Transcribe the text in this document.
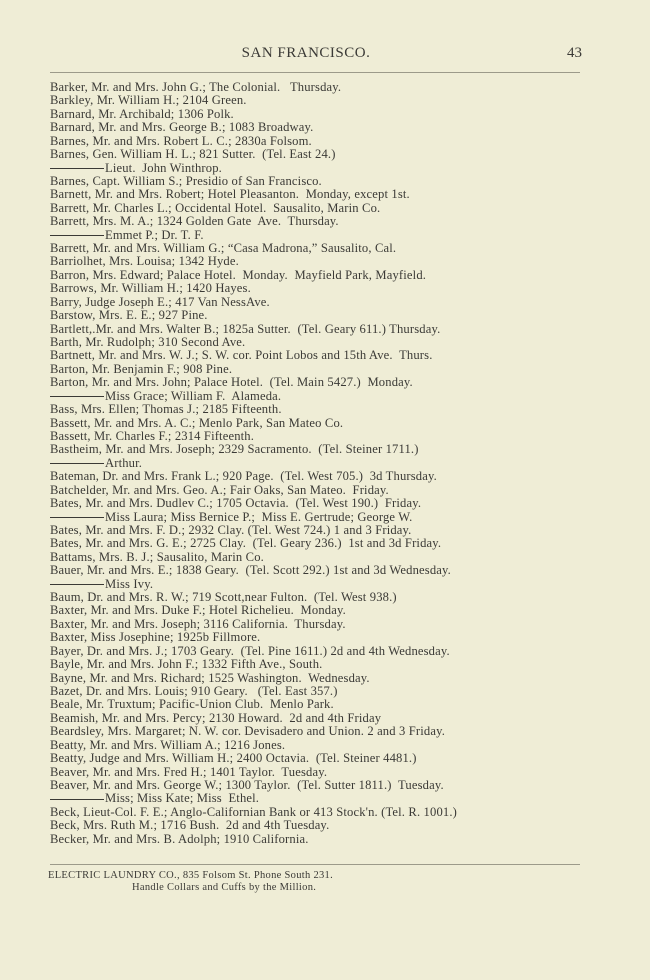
SAN FRANCISCO.	43
Barker, Mr. and Mrs. John G.; The Colonial.   Thursday.
Barkley, Mr. William H.; 2104 Green.
Barnard, Mr. Archibald; 1306 Polk.
Barnard, Mr. and Mrs. George B.; 1083 Broadway.
Barnes, Mr. and Mrs. Robert L. C.; 2830a Folsom.
Barnes, Gen. William H. L.; 821 Sutter.  (Tel. East 24.)
Lieut.  John Winthrop.
Barnes, Capt. William S.; Presidio of San Francisco.
Barnett, Mr. and Mrs. Robert; Hotel Pleasanton.  Monday, except 1st.
Barrett, Mr. Charles L.; Occidental Hotel.  Sausalito, Marin Co.
Barrett, Mrs. M. A.; 1324 Golden Gate  Ave.  Thursday.
Emmet P.; Dr. T. F.
Barrett, Mr. and Mrs. William G.; “Casa Madrona,” Sausalito, Cal.
Barriolhet, Mrs. Louisa; 1342 Hyde.
Barron, Mrs. Edward; Palace Hotel.  Monday.  Mayfield Park, Mayfield.
Barrows, Mr. William H.; 1420 Hayes.
Barry, Judge Joseph E.; 417 Van NessAve.
Barstow, Mrs. E. E.; 927 Pine.
Bartlett,.Mr. and Mrs. Walter B.; 1825a Sutter.  (Tel. Geary 611.) Thursday.
Barth, Mr. Rudolph; 310 Second Ave.
Bartnett, Mr. and Mrs. W. J.; S. W. cor. Point Lobos and 15th Ave.  Thurs.
Barton, Mr. Benjamin F.; 908 Pine.
Barton, Mr. and Mrs. John; Palace Hotel.  (Tel. Main 5427.)  Monday.
Miss Grace; William F.  Alameda.
Bass, Mrs. Ellen; Thomas J.; 2185 Fifteenth.
Bassett, Mr. and Mrs. A. C.; Menlo Park, San Mateo Co.
Bassett, Mr. Charles F.; 2314 Fifteenth.
Bastheim, Mr. and Mrs. Joseph; 2329 Sacramento.  (Tel. Steiner 1711.)
Arthur.
Bateman, Dr. and Mrs. Frank L.; 920 Page.  (Tel. West 705.)  3d Thursday.
Batchelder, Mr. and Mrs. Geo. A.; Fair Oaks, San Mateo.  Friday.
Bates, Mr. and Mrs. Dudlev C.; 1705 Octavia.  (Tel. West 190.)  Friday.
Miss Laura; Miss Bernice P.;  Miss E. Gertrude; George W.
Bates, Mr. and Mrs. F. D.; 2932 Clay. (Tel. West 724.) 1 and 3 Friday.
Bates, Mr. and Mrs. G. E.; 2725 Clay.  (Tel. Geary 236.)  1st and 3d Friday.
Battams, Mrs. B. J.; Sausalito, Marin Co.
Bauer, Mr. and Mrs. E.; 1838 Geary.  (Tel. Scott 292.) 1st and 3d Wednesday.
Miss Ivy.
Baum, Dr. and Mrs. R. W.; 719 Scott,near Fulton.  (Tel. West 938.)
Baxter, Mr. and Mrs. Duke F.; Hotel Richelieu.  Monday.
Baxter, Mr. and Mrs. Joseph; 3116 California.  Thursday.
Baxter, Miss Josephine; 1925b Fillmore.
Bayer, Dr. and Mrs. J.; 1703 Geary.  (Tel. Pine 1611.) 2d and 4th Wednesday.
Bayle, Mr. and Mrs. John F.; 1332 Fifth Ave., South.
Bayne, Mr. and Mrs. Richard; 1525 Washington.  Wednesday.
Bazet, Dr. and Mrs. Louis; 910 Geary.   (Tel. East 357.)
Beale, Mr. Truxtum; Pacific-Union Club.  Menlo Park.
Beamish, Mr. and Mrs. Percy; 2130 Howard.  2d and 4th Friday
Beardsley, Mrs. Margaret; N. W. cor. Devisadero and Union. 2 and 3 Friday.
Beatty, Mr. and Mrs. William A.; 1216 Jones.
Beatty, Judge and Mrs. William H.; 2400 Octavia.  (Tel. Steiner 4481.)
Beaver, Mr. and Mrs. Fred H.; 1401 Taylor.  Tuesday.
Beaver, Mr. and Mrs. George W.; 1300 Taylor.  (Tel. Sutter 1811.)  Tuesday.
Miss; Miss Kate; Miss  Ethel.
Beck, Lieut-Col. F. E.; Anglo-Californian Bank or 413 Stock'n. (Tel. R. 1001.)
Beck, Mrs. Ruth M.; 1716 Bush.  2d and 4th Tuesday.
Becker, Mr. and Mrs. B. Adolph; 1910 California.
ELECTRIC LAUNDRY CO., 835 Folsom St. Phone South 231.
Handle Collars and Cuffs by the Million.
